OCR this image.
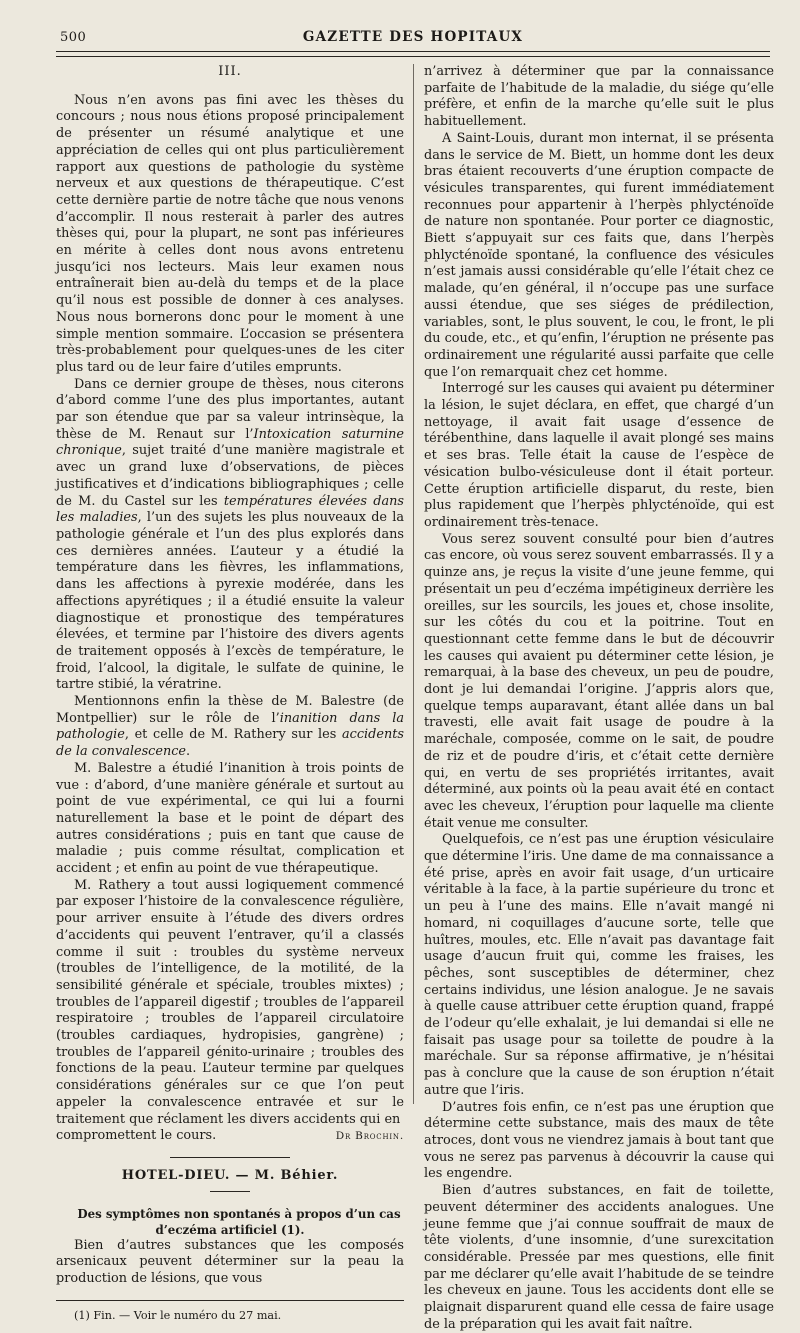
500	GAZETTE DES HOPITAUX
III.

Nous n’en avons pas fini avec les thèses du concours ; nous nous étions proposé principalement de présenter un résumé analytique et une appréciation de celles qui ont plus particulièrement rapport aux questions de pathologie du système nerveux et aux questions de thérapeutique. C’est cette dernière partie de notre tâche que nous venons d’accomplir. Il nous resterait à parler des autres thèses qui, pour la plupart, ne sont pas inférieures en mérite à celles dont nous avons entretenu jusqu’ici nos lecteurs. Mais leur examen nous entraînerait bien au-delà du temps et de la place qu’il nous est possible de donner à ces analyses. Nous nous bornerons donc pour le moment à une simple mention sommaire. L’occasion se présentera très-probablement pour quelques-unes de les citer plus tard ou de leur faire d’utiles emprunts.

Dans ce dernier groupe de thèses, nous citerons d’abord comme l’une des plus importantes, autant par son étendue que par sa valeur intrinsèque, la thèse de M. Renaut sur l’Intoxication saturnine chronique, sujet traité d’une manière magistrale et avec un grand luxe d’observations, de pièces justificatives et d’indications bibliographiques ; celle de M. du Castel sur les températures élevées dans les maladies, l’un des sujets les plus nouveaux de la pathologie générale et l’un des plus explorés dans ces dernières années. L’auteur y a étudié la température dans les fièvres, les inflammations, dans les affections à pyrexie modérée, dans les affections apyrétiques ; il a étudié ensuite la valeur diagnostique et pronostique des températures élevées, et termine par l’histoire des divers agents de traitement opposés à l’excès de température, le froid, l’alcool, la digitale, le sulfate de quinine, le tartre stibié, la vératrine.

Mentionnons enfin la thèse de M. Balestre (de Montpellier) sur le rôle de l’inanition dans la pathologie, et celle de M. Rathery sur les accidents de la convalescence.

M. Balestre a étudié l’inanition à trois points de vue : d’abord, d’une manière générale et surtout au point de vue expérimental, ce qui lui a fourni naturellement la base et le point de départ des autres considérations ; puis en tant que cause de maladie ; puis comme résultat, complication et accident ; et enfin au point de vue thérapeutique.

M. Rathery a tout aussi logiquement commencé par exposer l’histoire de la convalescence régulière, pour arriver ensuite à l’étude des divers ordres d’accidents qui peuvent l’entraver, qu’il a classés comme il suit : troubles du système nerveux (troubles de l’intelligence, de la motilité, de la sensibilité générale et spéciale, troubles mixtes) ; troubles de l’appareil digestif ; troubles de l’appareil respiratoire ; troubles de l’appareil circulatoire (troubles cardiaques, hydropisies, gangrène) ; troubles de l’appareil génito-urinaire ; troubles des fonctions de la peau. L’auteur termine par quelques considérations générales sur ce que l’on peut appeler la convalescence entravée et sur le traitement que réclament les divers accidents qui en

compromettent le cours.	Dr Brochin.
HOTEL-DIEU. — M. Béhier.

Des symptômes non spontanés à propos d’un cas d’eczéma artificiel (1).

Bien d’autres substances que les composés arsenicaux peuvent déterminer sur la peau la production de lésions, que vous

(1) Fin. — Voir le numéro du 27 mai.

n’arrivez à déterminer que par la connaissance parfaite de l’habitude de la maladie, du siége qu’elle préfère, et enfin de la marche qu’elle suit le plus habituellement.

A Saint-Louis, durant mon internat, il se présenta dans le service de M. Biett, un homme dont les deux bras étaient recouverts d’une éruption compacte de vésicules transparentes, qui furent immédiatement reconnues pour appartenir à l’herpès phlycténoïde de nature non spontanée. Pour porter ce diagnostic, Biett s’appuyait sur ces faits que, dans l’herpès phlycténoïde spontané, la confluence des vésicules n’est jamais aussi considérable qu’elle l’était chez ce malade, qu’en général, il n’occupe pas une surface aussi étendue, que ses siéges de prédilection, variables, sont, le plus souvent, le cou, le front, le pli du coude, etc., et qu’enfin, l’éruption ne présente pas ordinairement une régularité aussi parfaite que celle que l’on remarquait chez cet homme.

Interrogé sur les causes qui avaient pu déterminer la lésion, le sujet déclara, en effet, que chargé d’un nettoyage, il avait fait usage d’essence de térébenthine, dans laquelle il avait plongé ses mains et ses bras. Telle était la cause de l’espèce de vésication bulbo-vésiculeuse dont il était porteur. Cette éruption artificielle disparut, du reste, bien plus rapidement que l’herpès phlycténoïde, qui est ordinairement très-tenace.

Vous serez souvent consulté pour bien d’autres cas encore, où vous serez souvent embarrassés. Il y a quinze ans, je reçus la visite d’une jeune femme, qui présentait un peu d’eczéma impétigineux derrière les oreilles, sur les sourcils, les joues et, chose insolite, sur les côtés du cou et la poitrine. Tout en questionnant cette femme dans le but de découvrir les causes qui avaient pu déterminer cette lésion, je remarquai, à la base des cheveux, un peu de poudre, dont je lui demandai l’origine. J’appris alors que, quelque temps auparavant, étant allée dans un bal travesti, elle avait fait usage de poudre à la maréchale, composée, comme on le sait, de poudre de riz et de poudre d’iris, et c’était cette dernière qui, en vertu de ses propriétés irritantes, avait déterminé, aux points où la peau avait été en contact avec les cheveux, l’éruption pour laquelle ma cliente était venue me consulter.

Quelquefois, ce n’est pas une éruption vésiculaire que détermine l’iris. Une dame de ma connaissance a été prise, après en avoir fait usage, d’un urticaire véritable à la face, à la partie supérieure du tronc et un peu à l’une des mains. Elle n’avait mangé ni homard, ni coquillages d’aucune sorte, telle que huîtres, moules, etc. Elle n’avait pas davantage fait usage d’aucun fruit qui, comme les fraises, les pêches, sont susceptibles de déterminer, chez certains individus, une lésion analogue. Je ne savais à quelle cause attribuer cette éruption quand, frappé de l’odeur qu’elle exhalait, je lui demandai si elle ne faisait pas usage pour sa toilette de poudre à la maréchale. Sur sa réponse affirmative, je n’hésitai pas à conclure que la cause de son éruption n’était autre que l’iris.

D’autres fois enfin, ce n’est pas une éruption que détermine cette substance, mais des maux de tête atroces, dont vous ne viendrez jamais à bout tant que vous ne serez pas parvenus à découvrir la cause qui les engendre.

Bien d’autres substances, en fait de toilette, peuvent déterminer des accidents analogues. Une jeune femme que j’ai connue souffrait de maux de tête violents, d’une insomnie, d’une surexcitation considérable. Pressée par mes questions, elle finit par me déclarer qu’elle avait l’habitude de se teindre les cheveux en jaune. Tous les accidents dont elle se plaignait disparurent quand elle cessa de faire usage de la préparation qui les avait fait naître.
